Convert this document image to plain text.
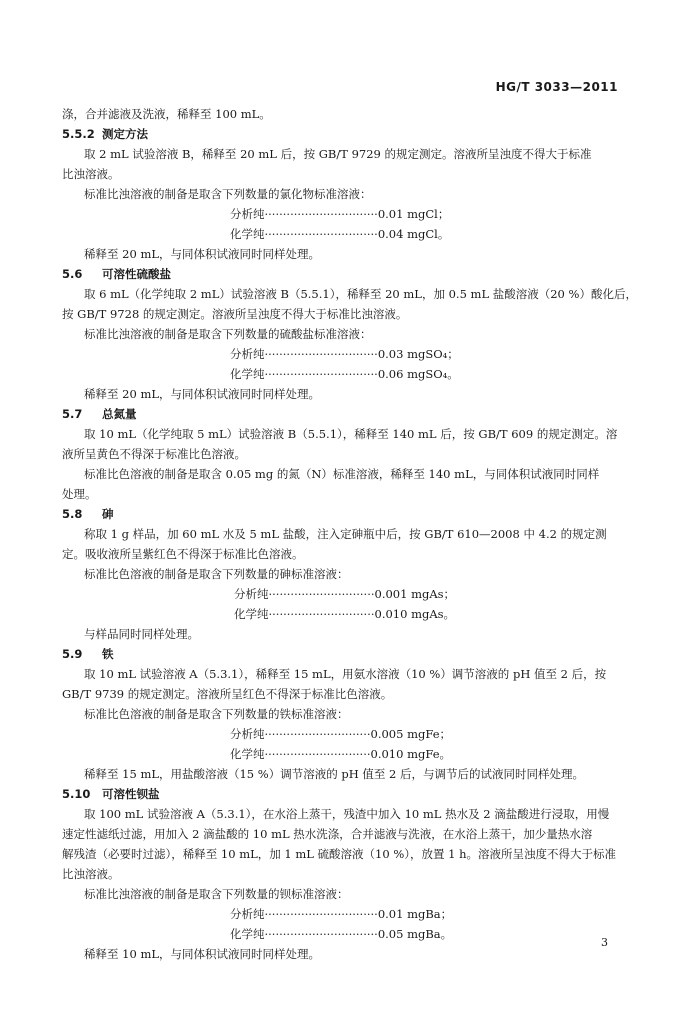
HG/T 3033—2011
涤，合并滤液及洗液，稀释至 100 mL。
5.5.2 测定方法
取 2 mL 试验溶液 B，稀释至 20 mL 后，按 GB/T 9729 的规定测定。溶液所呈浊度不得大于标准
比浊溶液。
标准比浊溶液的制备是取含下列数量的氯化物标准溶液：
分析纯·······························0.01 mgCl；
化学纯·······························0.04 mgCl。
稀释至 20 mL，与同体积试液同时同样处理。
5.6 可溶性硫酸盐
取 6 mL（化学纯取 2 mL）试验溶液 B（5.5.1），稀释至 20 mL，加 0.5 mL 盐酸溶液（20 %）酸化后，
按 GB/T 9728 的规定测定。溶液所呈浊度不得大于标准比浊溶液。
标准比浊溶液的制备是取含下列数量的硫酸盐标准溶液：
分析纯·······························0.03 mgSO₄；
化学纯·······························0.06 mgSO₄。
稀释至 20 mL，与同体积试液同时同样处理。
5.7 总氮量
取 10 mL（化学纯取 5 mL）试验溶液 B（5.5.1），稀释至 140 mL 后，按 GB/T 609 的规定测定。溶
液所呈黄色不得深于标准比色溶液。
标准比色溶液的制备是取含 0.05 mg 的氮（N）标准溶液，稀释至 140 mL，与同体积试液同时同样
处理。
5.8 砷
称取 1 g 样品，加 60 mL 水及 5 mL 盐酸，注入定砷瓶中后，按 GB/T 610—2008 中 4.2 的规定测
定。吸收液所呈紫红色不得深于标准比色溶液。
标准比色溶液的制备是取含下列数量的砷标准溶液：
分析纯·····························0.001 mgAs；
化学纯·····························0.010 mgAs。
与样品同时同样处理。
5.9 铁
取 10 mL 试验溶液 A（5.3.1），稀释至 15 mL，用氨水溶液（10 %）调节溶液的 pH 值至 2 后，按
GB/T 9739 的规定测定。溶液所呈红色不得深于标准比色溶液。
标准比色溶液的制备是取含下列数量的铁标准溶液：
分析纯·····························0.005 mgFe；
化学纯·····························0.010 mgFe。
稀释至 15 mL，用盐酸溶液（15 %）调节溶液的 pH 值至 2 后，与调节后的试液同时同样处理。
5.10 可溶性钡盐
取 100 mL 试验溶液 A（5.3.1），在水浴上蒸干，残渣中加入 10 mL 热水及 2 滴盐酸进行浸取，用慢
速定性滤纸过滤，用加入 2 滴盐酸的 10 mL 热水洗涤，合并滤液与洗液，在水浴上蒸干，加少量热水溶
解残渣（必要时过滤），稀释至 10 mL，加 1 mL 硫酸溶液（10 %），放置 1 h。溶液所呈浊度不得大于标准
比浊溶液。
标准比浊溶液的制备是取含下列数量的钡标准溶液：
分析纯·······························0.01 mgBa；
化学纯·······························0.05 mgBa。
稀释至 10 mL，与同体积试液同时同样处理。
3
